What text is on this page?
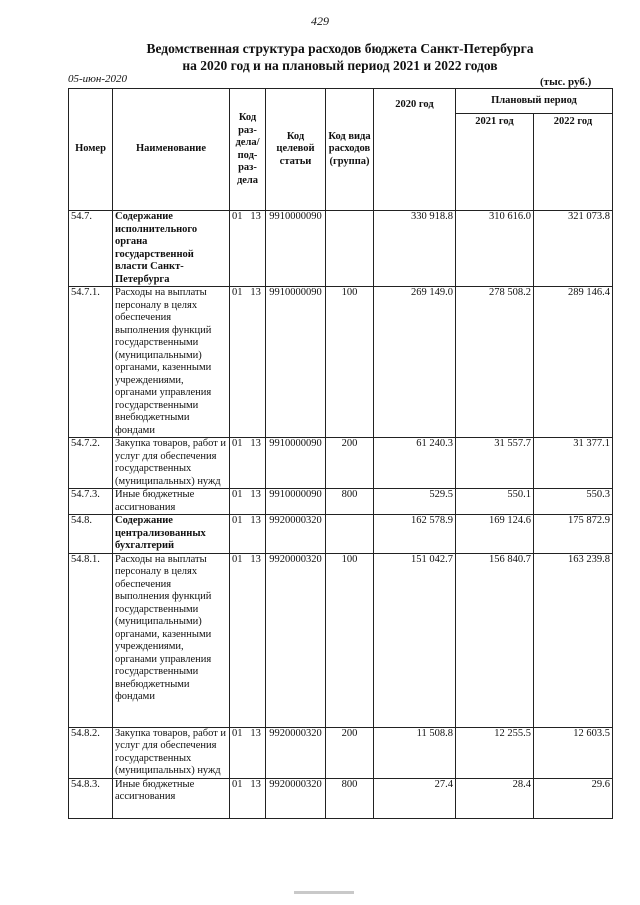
429
Ведомственная структура расходов бюджета Санкт-Петербурга
на 2020 год и на плановый период 2021 и 2022 годов
05-июн-2020	(тыс. руб.)
Номер	Наименование	Код раз- дела/ под- раз- дела	Код целевой статьи	Код вида расходов (группа)	2020 год	Плановый период	
						2021 год	2022 год
54.7.	Содержание исполнительного органа государственной власти Санкт-Петербурга	01 13	9910000090		330 918.8	310 616.0	321 073.8
54.7.1.	Расходы на выплаты персоналу в целях обеспечения выполнения функций государственными (муниципальными) органами, казенными учреждениями, органами управления государственными внебюджетными фондами	01 13	9910000090	100	269 149.0	278 508.2	289 146.4
54.7.2.	Закупка товаров, работ и услуг для обеспечения государственных (муниципальных) нужд	01 13	9910000090	200	61 240.3	31 557.7	31 377.1
54.7.3.	Иные бюджетные ассигнования	01 13	9910000090	800	529.5	550.1	550.3
54.8.	Содержание централизованных бухгалтерий	01 13	9920000320		162 578.9	169 124.6	175 872.9
54.8.1.	Расходы на выплаты персоналу в целях обеспечения выполнения функций государственными (муниципальными) органами, казенными учреждениями, органами управления государственными внебюджетными фондами	01 13	9920000320	100	151 042.7	156 840.7	163 239.8
54.8.2.	Закупка товаров, работ и услуг для обеспечения государственных (муниципальных) нужд	01 13	9920000320	200	11 508.8	12 255.5	12 603.5
54.8.3.	Иные бюджетные ассигнования	01 13	9920000320	800	27.4	28.4	29.6
